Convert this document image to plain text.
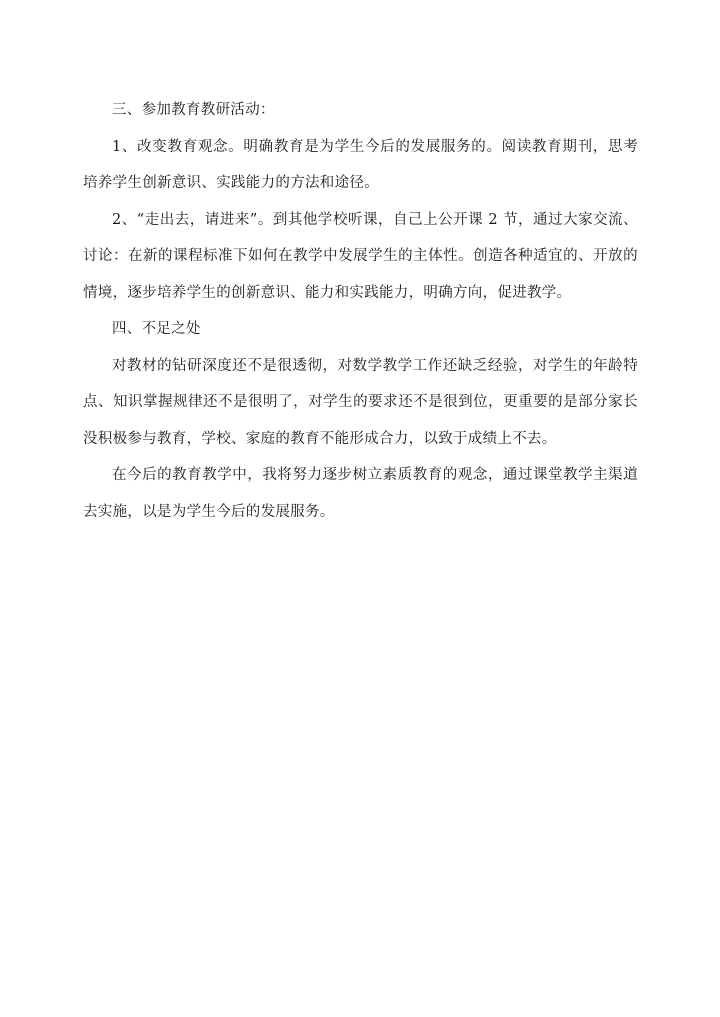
三、参加教育教研活动：

1、改变教育观念。明确教育是为学生今后的发展服务的。阅读教育期刊，思考培养学生创新意识、实践能力的方法和途径。

2、“走出去，请进来”。到其他学校听课，自己上公开课 2 节，通过大家交流、讨论：在新的课程标准下如何在教学中发展学生的主体性。创造各种适宜的、开放的情境，逐步培养学生的创新意识、能力和实践能力，明确方向，促进教学。

四、不足之处

对教材的钻研深度还不是很透彻，对数学教学工作还缺乏经验，对学生的年龄特点、知识掌握规律还不是很明了，对学生的要求还不是很到位，更重要的是部分家长没积极参与教育，学校、家庭的教育不能形成合力，以致于成绩上不去。

在今后的教育教学中，我将努力逐步树立素质教育的观念，通过课堂教学主渠道去实施，以是为学生今后的发展服务。
